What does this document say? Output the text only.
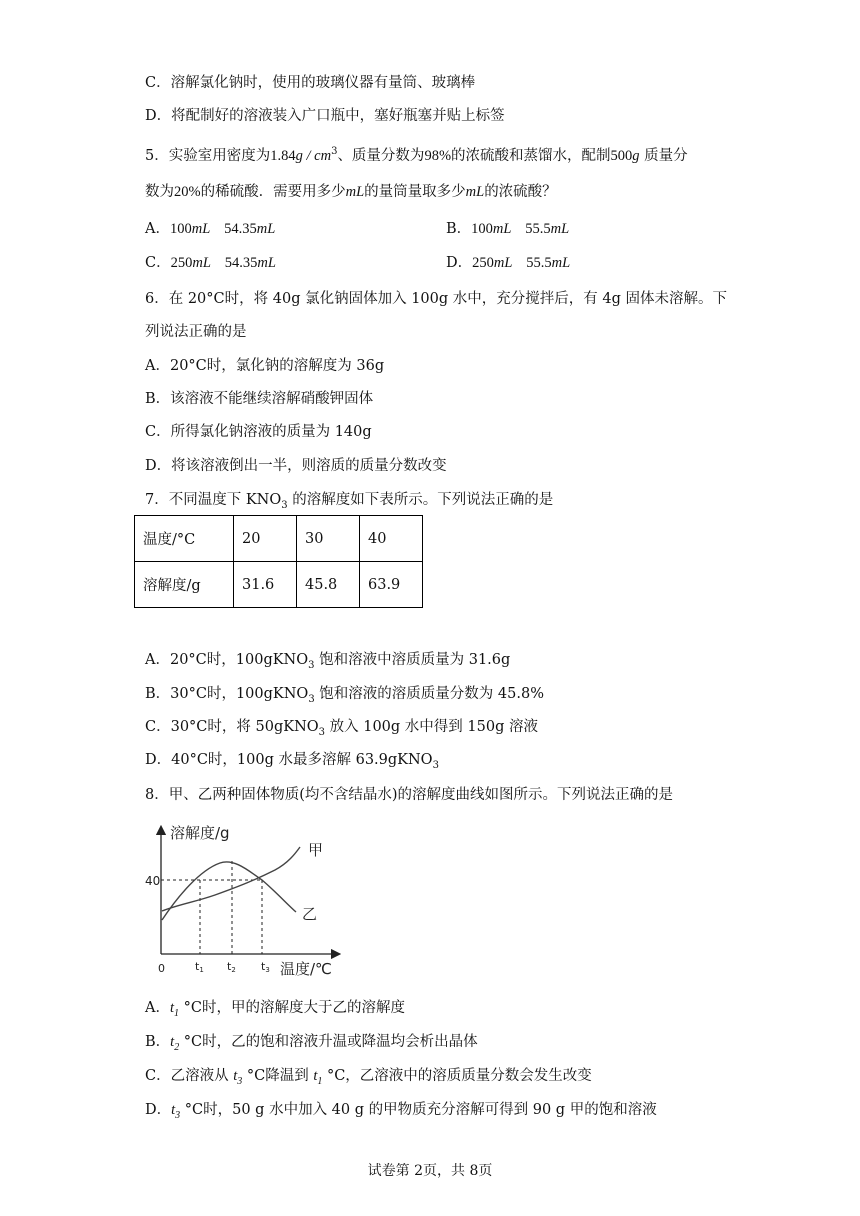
C．溶解氯化钠时，使用的玻璃仪器有量筒、玻璃棒
D．将配制好的溶液装入广口瓶中，塞好瓶塞并贴上标签
5．实验室用密度为$1.84g / cm^3$、质量分数为98%的浓硫酸和蒸馏水，配制500g 质量分
数为20%的稀硫酸．需要用多少mL的量筒量取多少mL的浓硫酸？
A．100mL 54.35mL	B．100mL 55.5mL
C．250mL 54.35mL	D．250mL 55.5mL
6．在 20°C时，将 40g 氯化钠固体加入 100g 水中，充分搅拌后，有 4g 固体未溶解。下
列说法正确的是
A．20°C时，氯化钠的溶解度为 36g
B．该溶液不能继续溶解硝酸钾固体
C．所得氯化钠溶液的质量为 140g
D．将该溶液倒出一半，则溶质的质量分数改变
7．不同温度下 $KNO_3$ 的溶解度如下表所示。下列说法正确的是
温度/°C	20	30	40
溶解度/g	31.6	45.8	63.9
A．20°C时，100gKNO$_3$ 饱和溶液中溶质质量为 31.6g
B．30°C时，100gKNO$_3$ 饱和溶液的溶质质量分数为 45.8%
C．30°C时，将 50gKNO$_3$ 放入 100g 水中得到 150g 溶液
D．40°C时，100g 水最多溶解 63.9gKNO$_3$
8．甲、乙两种固体物质(均不含结晶水)的溶解度曲线如图所示。下列说法正确的是
溶解度/g
温度/℃
0
40
甲
乙
t1 t2 t3
A．$t_1$ °C时，甲的溶解度大于乙的溶解度
B．$t_2$ °C时，乙的饱和溶液升温或降温均会析出晶体
C．乙溶液从 $t_3$ °C降温到 $t_1$ °C，乙溶液中的溶质质量分数会发生改变
D．$t_3$ °C时，50 g 水中加入 40 g 的甲物质充分溶解可得到 90 g 甲的饱和溶液
试卷第 2页，共 8页
